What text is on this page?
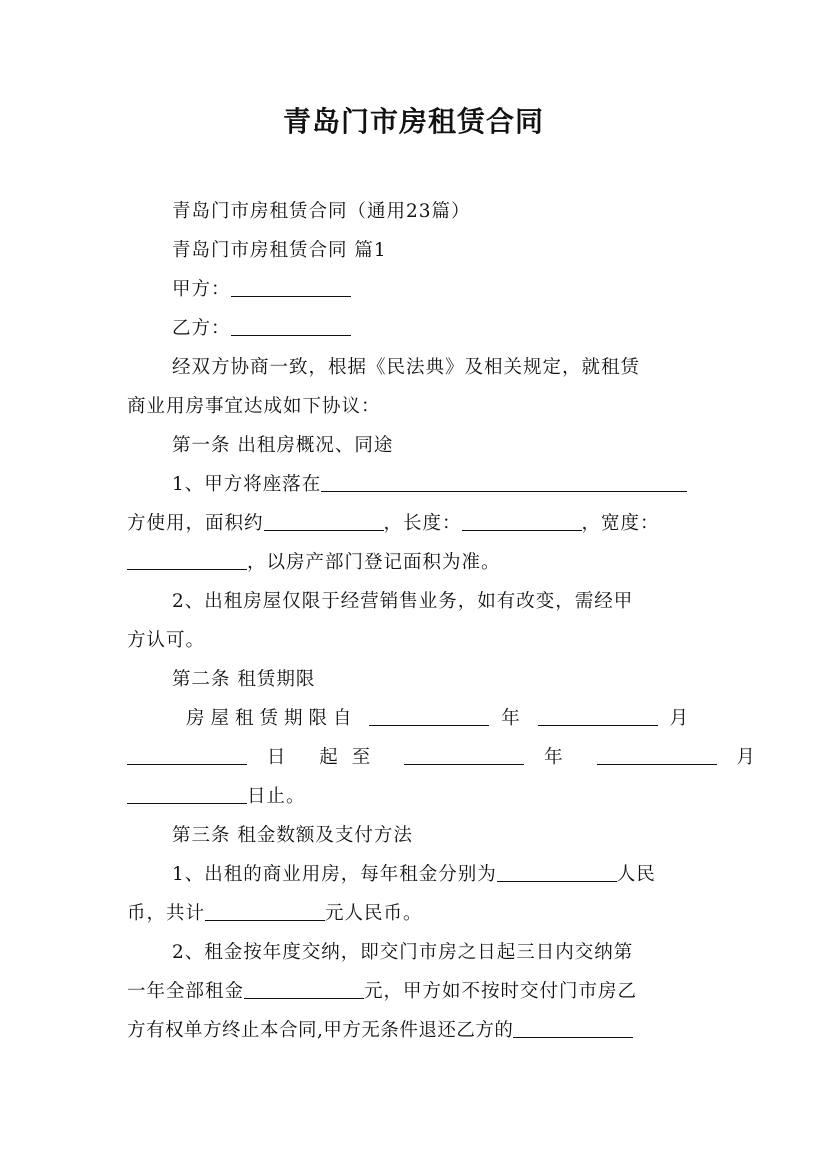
青岛门市房租赁合同
青岛门市房租赁合同（通用23篇）
青岛门市房租赁合同 篇1
甲方：
乙方：
经双方协商一致，根据《民法典》及相关规定，就租赁
商业用房事宜达成如下协议：
第一条 出租房概况、同途
1、甲方将座落在
方使用，面积约	，长度：	，宽度：
，以房产部门登记面积为准。
2、出租房屋仅限于经营销售业务，如有改变，需经甲
方认可。
第二条 租赁期限
房屋租赁期限自	年	月
日 起至	年	月
日止。
第三条 租金数额及支付方法
1、出租的商业用房，每年租金分别为	人民
币，共计	元人民币。
2、租金按年度交纳，即交门市房之日起三日内交纳第
一年全部租金	元，甲方如不按时交付门市房乙
方有权单方终止本合同,甲方无条件退还乙方的
